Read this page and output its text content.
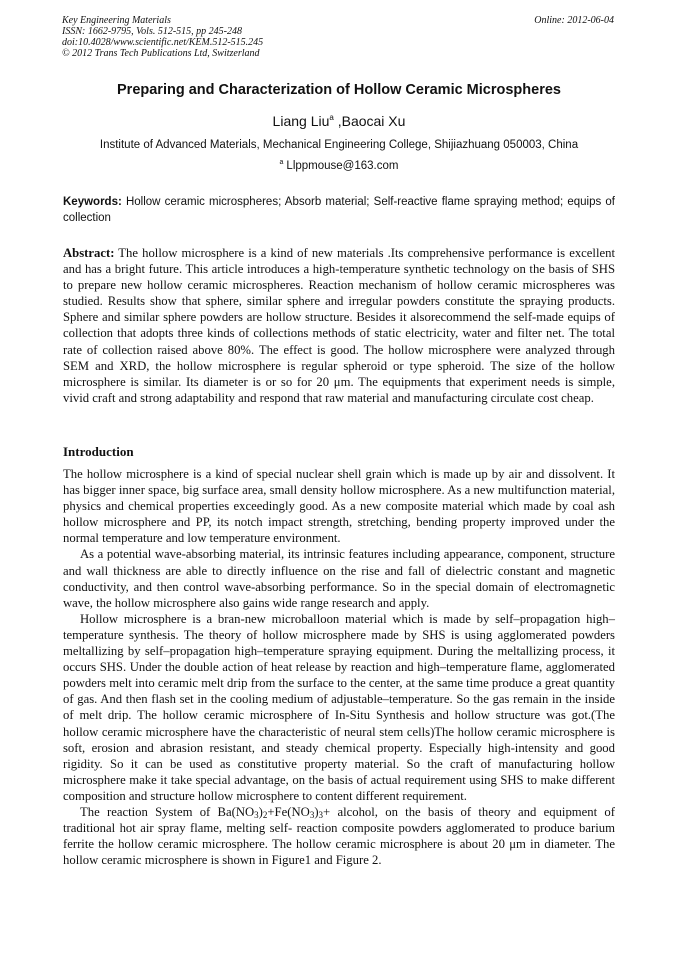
Key Engineering Materials
ISSN: 1662-9795, Vols. 512-515, pp 245-248
doi:10.4028/www.scientific.net/KEM.512-515.245
© 2012 Trans Tech Publications Ltd, Switzerland
Online: 2012-06-04
Preparing and Characterization of Hollow Ceramic Microspheres
Liang Liu$^a$ ,Baocai Xu
Institute of Advanced Materials, Mechanical Engineering College, Shijiazhuang 050003, China
$^a$ Llppmouse@163.com
Keywords: Hollow ceramic microspheres; Absorb material; Self-reactive flame spraying method; equips of collection
Abstract: The hollow microsphere is a kind of new materials .Its comprehensive performance is excellent and has a bright future. This article introduces a high-temperature synthetic technology on the basis of SHS to prepare new hollow ceramic microspheres. Reaction mechanism of hollow ceramic microspheres was studied. Results show that sphere, similar sphere and irregular powders constitute the spraying products. Sphere and similar sphere powders are hollow structure. Besides it alsorecommend the self-made equips of collection that adopts three kinds of collections methods of static electricity, water and filter net. The total rate of collection raised above 80%. The effect is good. The hollow microsphere were analyzed through SEM and XRD, the hollow microsphere is regular spheroid or type spheroid. The size of the hollow microsphere is similar. Its diameter is or so for 20 μm. The equipments that experiment needs is simple, vivid craft and strong adaptability and respond that raw material and manufacturing circulate cost cheap.
Introduction

The hollow microsphere is a kind of special nuclear shell grain which is made up by air and dissolvent. It has bigger inner space, big surface area, small density hollow microsphere. As a new multifunction material, physics and chemical properties exceedingly good. As a new composite material which made by coal ash hollow microsphere and PP, its notch impact strength, stretching, bending property improved under the normal temperature and low temperature environment.

As a potential wave-absorbing material, its intrinsic features including appearance, component, structure and wall thickness are able to directly influence on the rise and fall of dielectric constant and magnetic conductivity, and then control wave-absorbing performance. So in the special domain of electromagnetic wave, the hollow microsphere also gains wide range research and apply.

Hollow microsphere is a bran-new microballoon material which is made by self–propagation high–temperature synthesis. The theory of hollow microsphere made by SHS is using agglomerated powders meltallizing by self–propagation high–temperature spraying equipment. During the meltallizing process, it occurs SHS. Under the double action of heat release by reaction and high–temperature flame, agglomerated powders melt into ceramic melt drip from the surface to the center, at the same time produce a great quantity of gas. And then flash set in the cooling medium of adjustable–temperature. So the gas remain in the inside of melt drip. The hollow ceramic microsphere of In-Situ Synthesis and hollow structure was got.(The hollow ceramic microsphere have the characteristic of neural stem cells)The hollow ceramic microsphere is soft, erosion and abrasion resistant, and steady chemical property. Especially high-intensity and good rigidity. So it can be used as constitutive property material. So the craft of manufacturing hollow microsphere make it take special advantage, on the basis of actual requirement using SHS to make different composition and structure hollow microsphere to content different requirement.

The reaction System of $Ba(NO_3)_2+Fe(NO_3)_3+$ alcohol, on the basis of theory and equipment of traditional hot air spray flame, melting self- reaction composite powders agglomerated to produce barium ferrite the hollow ceramic microsphere. The hollow ceramic microsphere is about 20 μm in diameter. The hollow ceramic microsphere is shown in Figure1 and Figure 2.
